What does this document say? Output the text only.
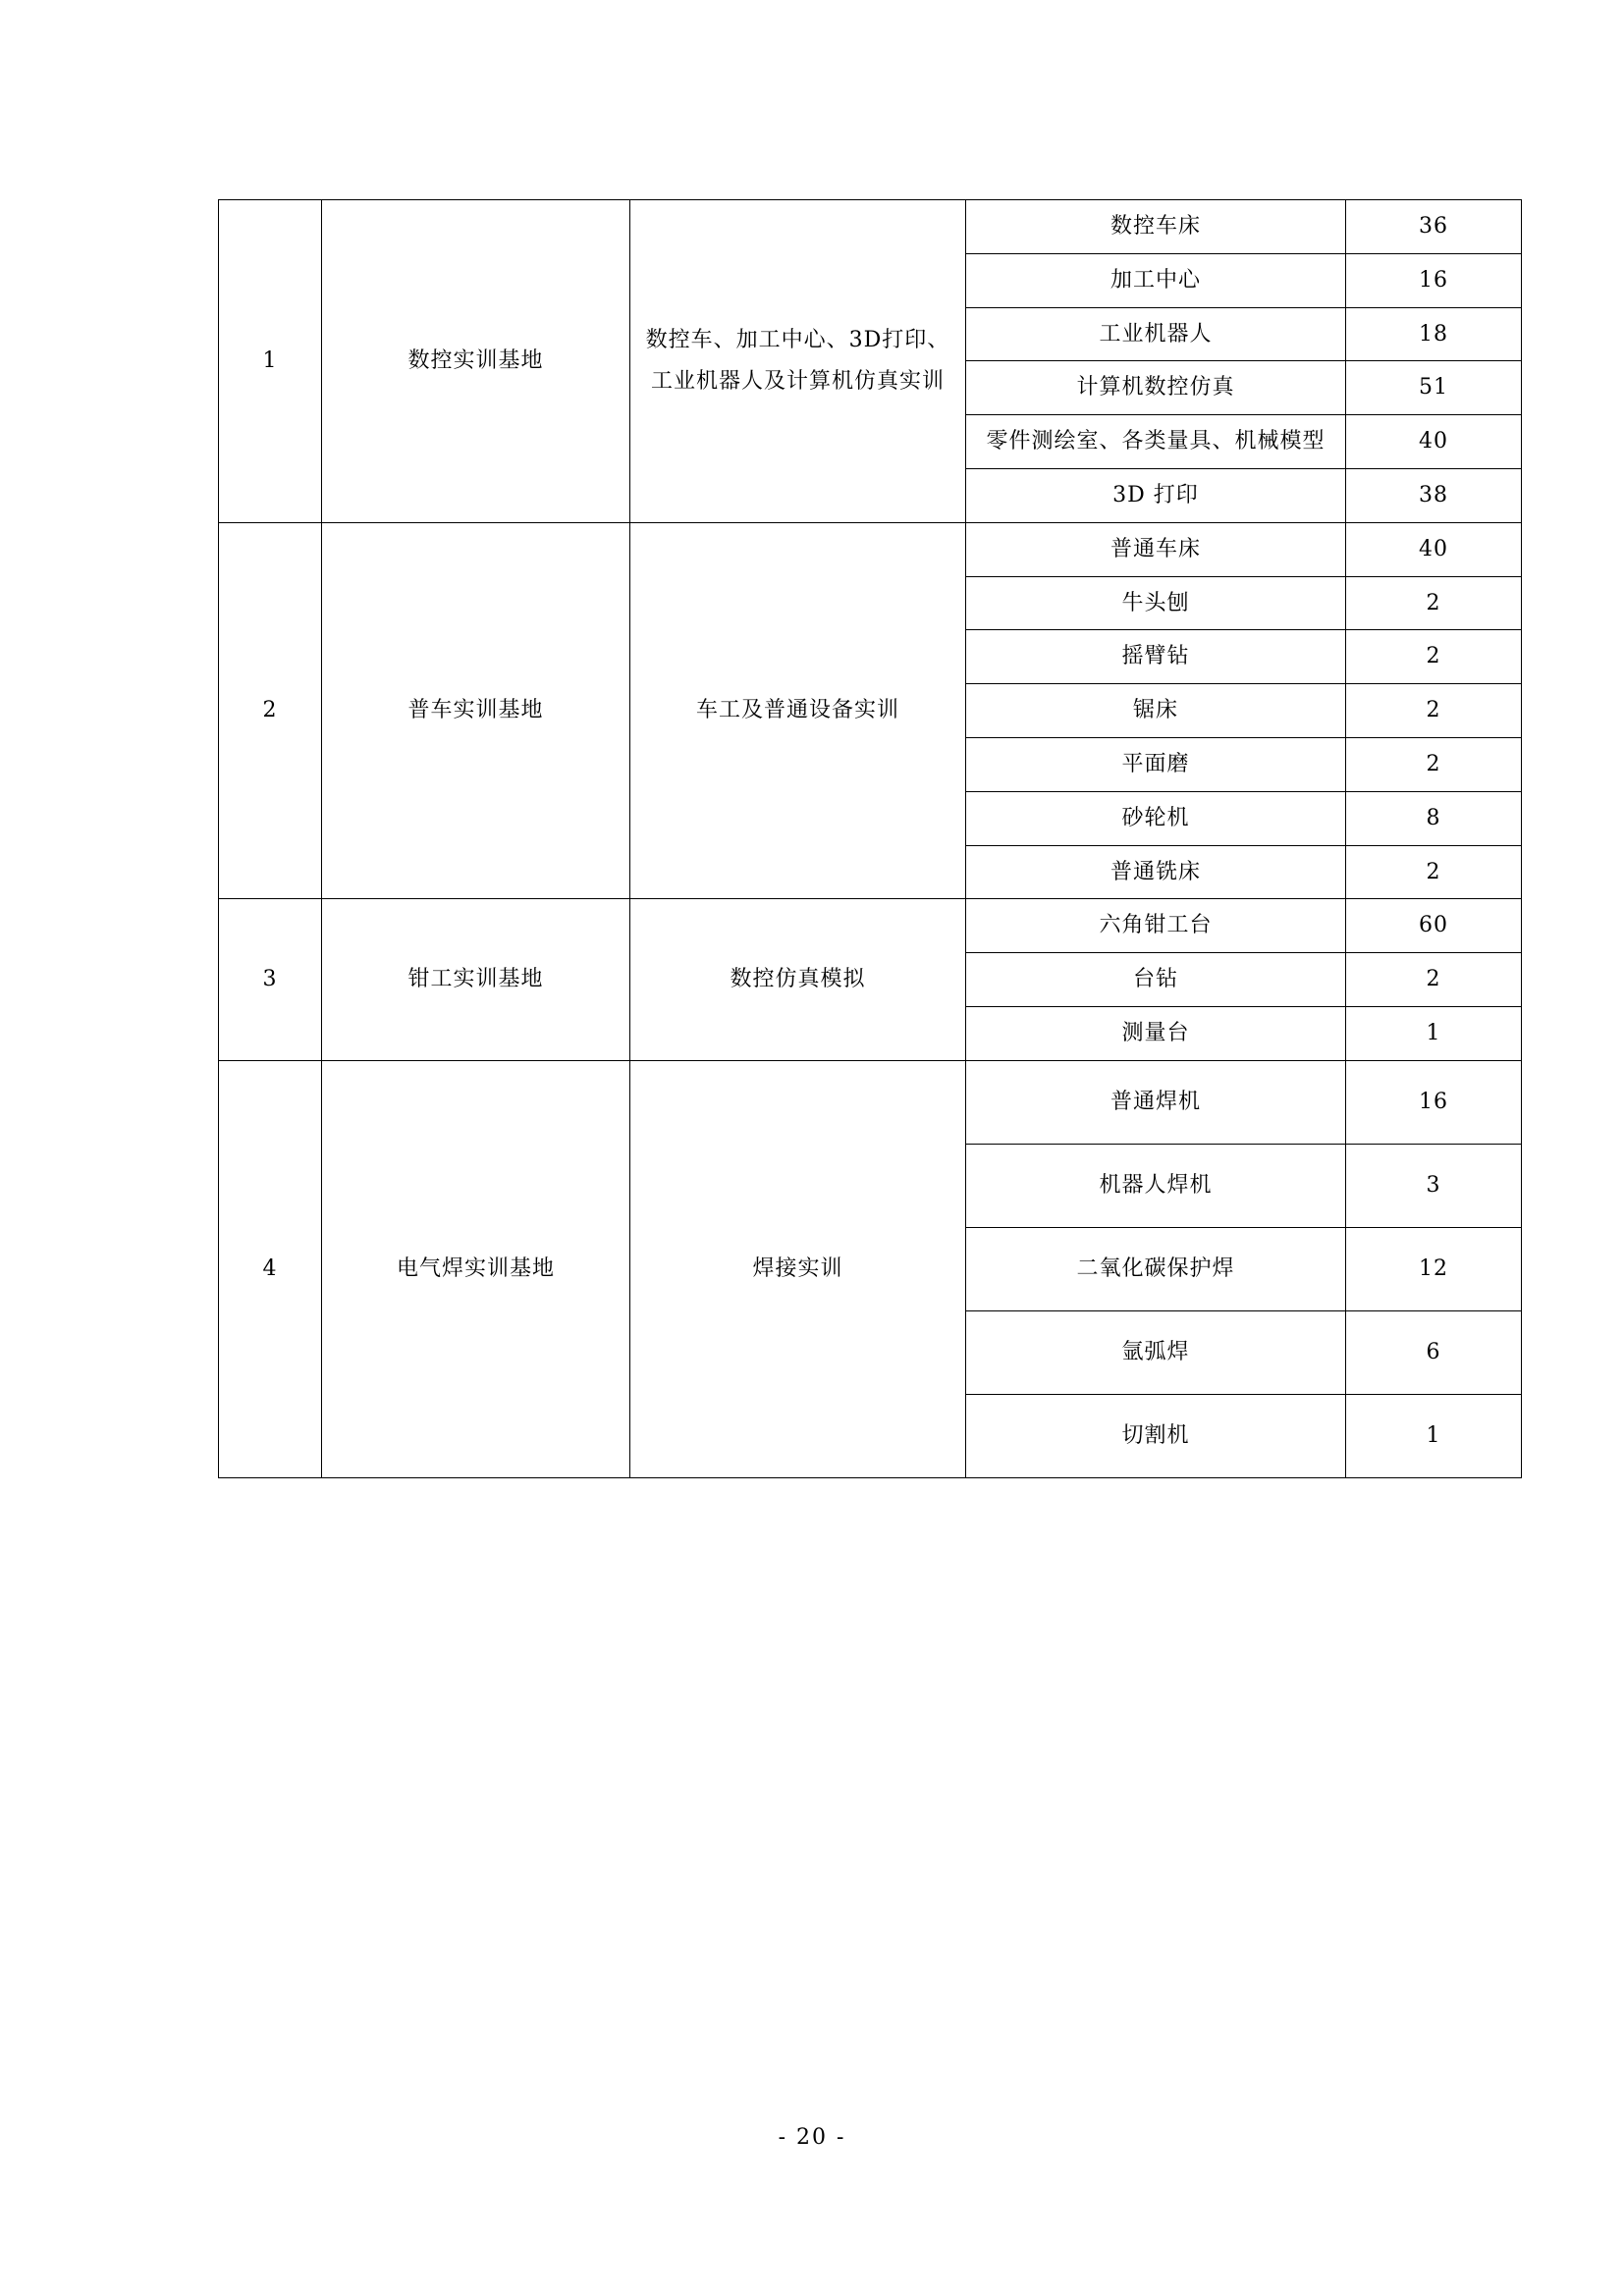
1	数控实训基地	数控车、加工中心、3D打印、工业机器人及计算机仿真实训	数控车床	36

			加工中心	16

			工业机器人	18

			计算机数控仿真	51

			零件测绘室、各类量具、机械模型	40

			3D 打印	38

2	普车实训基地	车工及普通设备实训	普通车床	40

			牛头刨	2

			摇臂钻	2

			锯床	2

			平面磨	2

			砂轮机	8

			普通铣床	2

3	钳工实训基地	数控仿真模拟	六角钳工台	60

			台钻	2

			测量台	1

4	电气焊实训基地	焊接实训	普通焊机	16

			机器人焊机	3

			二氧化碳保护焊	12

			氩弧焊	6

			切割机	1
- 20 -
